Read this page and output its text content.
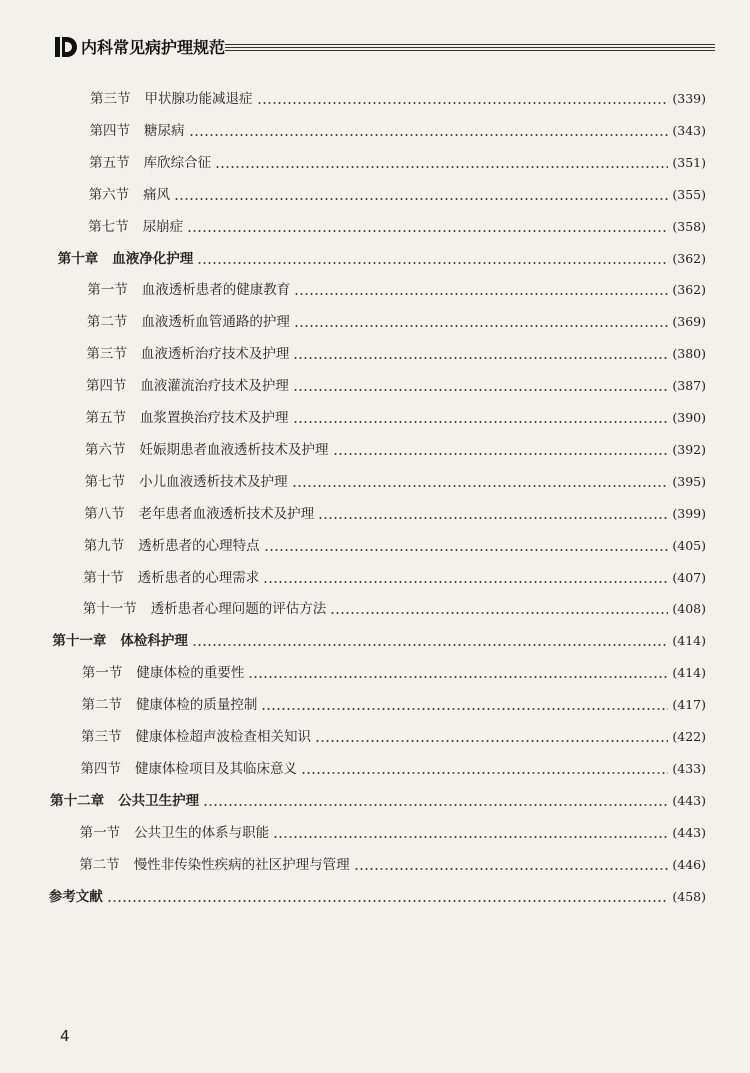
内科常见病护理规范
第三节 甲状腺功能减退症	(339)
第四节 糖尿病	(343)
第五节 库欣综合征	(351)
第六节 痛风	(355)
第七节 尿崩症	(358)
第十章 血液净化护理	(362)
第一节 血液透析患者的健康教育	(362)
第二节 血液透析血管通路的护理	(369)
第三节 血液透析治疗技术及护理	(380)
第四节 血液灌流治疗技术及护理	(387)
第五节 血浆置换治疗技术及护理	(390)
第六节 妊娠期患者血液透析技术及护理	(392)
第七节 小儿血液透析技术及护理	(395)
第八节 老年患者血液透析技术及护理	(399)
第九节 透析患者的心理特点	(405)
第十节 透析患者的心理需求	(407)
第十一节 透析患者心理问题的评估方法	(408)
第十一章 体检科护理	(414)
第一节 健康体检的重要性	(414)
第二节 健康体检的质量控制	(417)
第三节 健康体检超声波检查相关知识	(422)
第四节 健康体检项目及其临床意义	(433)
第十二章 公共卫生护理	(443)
第一节 公共卫生的体系与职能	(443)
第二节 慢性非传染性疾病的社区护理与管理	(446)
参考文献	(458)
4
